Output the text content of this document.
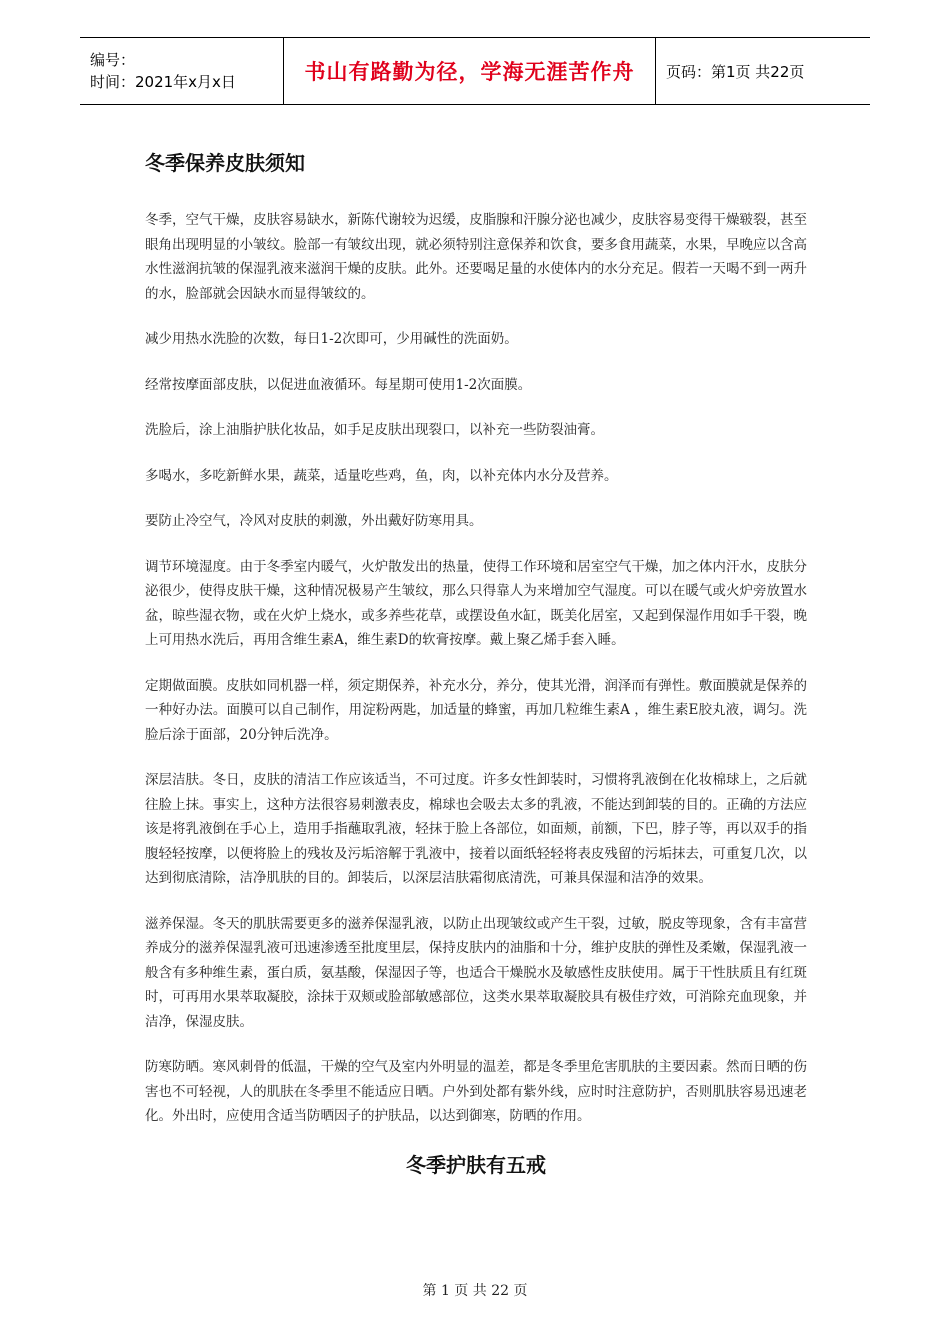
编号：
时间：2021年x月x日	书山有路勤为径，学海无涯苦作舟	页码：第1页 共22页
冬季保养皮肤须知

冬季，空气干燥，皮肤容易缺水，新陈代谢较为迟缓，皮脂腺和汗腺分泌也减少，皮肤容易变得干燥皲裂，甚至眼角出现明显的小皱纹。脸部一有皱纹出现，就必须特别注意保养和饮食，要多食用蔬菜，水果，早晚应以含高水性滋润抗皱的保湿乳液来滋润干燥的皮肤。此外。还要喝足量的水使体内的水分充足。假若一天喝不到一两升的水，脸部就会因缺水而显得皱纹的。

减少用热水洗脸的次数，每日1-2次即可，少用碱性的洗面奶。

经常按摩面部皮肤，以促进血液循环。每星期可使用1-2次面膜。

洗脸后，涂上油脂护肤化妆品，如手足皮肤出现裂口，以补充一些防裂油膏。

多喝水，多吃新鲜水果，蔬菜，适量吃些鸡，鱼，肉，以补充体内水分及营养。

要防止冷空气，冷风对皮肤的刺激，外出戴好防寒用具。

调节环境湿度。由于冬季室内暖气，火炉散发出的热量，使得工作环境和居室空气干燥，加之体内汗水，皮肤分泌很少，使得皮肤干燥，这种情况极易产生皱纹，那么只得靠人为来增加空气湿度。可以在暖气或火炉旁放置水盆，晾些湿衣物，或在火炉上烧水，或多养些花草，或摆设鱼水缸，既美化居室，又起到保湿作用如手干裂，晚上可用热水洗后，再用含维生素A，维生素D的软膏按摩。戴上聚乙烯手套入睡。

定期做面膜。皮肤如同机器一样，须定期保养，补充水分，养分，使其光滑，润泽而有弹性。敷面膜就是保养的一种好办法。面膜可以自己制作，用淀粉两匙，加适量的蜂蜜，再加几粒维生素A ，维生素E胶丸液，调匀。洗脸后涂于面部，20分钟后洗净。

深层洁肤。冬日，皮肤的清洁工作应该适当，不可过度。许多女性卸装时，习惯将乳液倒在化妆棉球上，之后就往脸上抹。事实上，这种方法很容易刺激表皮，棉球也会吸去太多的乳液，不能达到卸装的目的。正确的方法应该是将乳液倒在手心上，造用手指蘸取乳液，轻抹于脸上各部位，如面颊，前额，下巴，脖子等，再以双手的指腹轻轻按摩，以便将脸上的残妆及污垢溶解于乳液中，接着以面纸轻轻将表皮残留的污垢抹去，可重复几次，以达到彻底清除，洁净肌肤的目的。卸装后，以深层洁肤霜彻底清洗，可兼具保湿和洁净的效果。

滋养保湿。冬天的肌肤需要更多的滋养保湿乳液，以防止出现皱纹或产生干裂，过敏，脱皮等现象，含有丰富营养成分的滋养保湿乳液可迅速渗透至批度里层，保持皮肤内的油脂和十分，维护皮肤的弹性及柔嫩，保湿乳液一般含有多种维生素，蛋白质，氨基酸，保湿因子等，也适合干燥脱水及敏感性皮肤使用。属于干性肤质且有红斑时，可再用水果萃取凝胶，涂抹于双颊或脸部敏感部位，这类水果萃取凝胶具有极佳疗效，可消除充血现象，并洁净，保湿皮肤。

防寒防晒。寒风刺骨的低温，干燥的空气及室内外明显的温差，都是冬季里危害肌肤的主要因素。然而日晒的伤害也不可轻视，人的肌肤在冬季里不能适应日晒。户外到处都有紫外线，应时时注意防护，否则肌肤容易迅速老化。外出时，应使用含适当防晒因子的护肤品，以达到御寒，防晒的作用。

冬季护肤有五戒
第 1 页 共 22 页
